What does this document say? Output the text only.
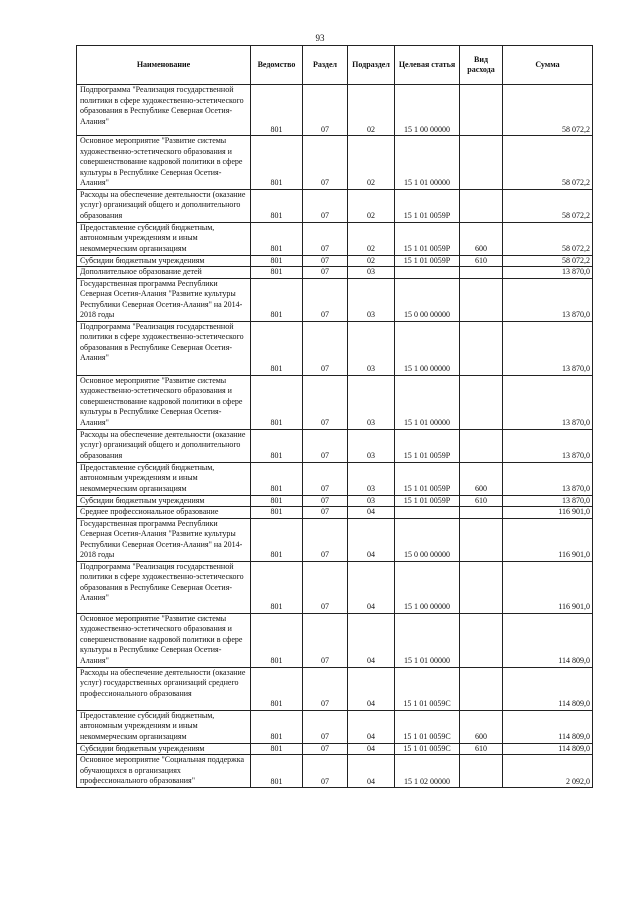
93
Наименование	Ведомство	Раздел	Подраздел	Целевая статья	Вид расхода	Сумма
Подпрограмма "Реализация государственной политики в сфере художественно-эстетического образования в Республике Северная Осетия-Алания"	801	07	02	15 1 00 00000		58 072,2
Основное мероприятие "Развитие системы художественно-эстетического образования и совершенствование кадровой политики в сфере культуры в Республике Северная Осетия-Алания"	801	07	02	15 1 01 00000		58 072,2
Расходы на обеспечение деятельности (оказание услуг) организаций общего и дополнительного образования	801	07	02	15 1 01 0059Р		58 072,2
Предоставление субсидий бюджетным, автономным учреждениям и иным некоммерческим организациям	801	07	02	15 1 01 0059Р	600	58 072,2
Субсидии бюджетным учреждениям	801	07	02	15 1 01 0059Р	610	58 072,2
Дополнительное образование детей	801	07	03			13 870,0
Государственная программа Республики Северная Осетия-Алания "Развитие культуры Республики Северная Осетия-Алания" на 2014-2018 годы	801	07	03	15 0 00 00000		13 870,0
Подпрограмма "Реализация государственной политики в сфере художественно-эстетического образования в Республике Северная Осетия-Алания"	801	07	03	15 1 00 00000		13 870,0
Основное мероприятие "Развитие системы художественно-эстетического образования и совершенствование кадровой политики в сфере культуры в Республике Северная Осетия-Алания"	801	07	03	15 1 01 00000		13 870,0
Расходы на обеспечение деятельности (оказание услуг) организаций общего и дополнительного образования	801	07	03	15 1 01 0059Р		13 870,0
Предоставление субсидий бюджетным, автономным учреждениям и иным некоммерческим организациям	801	07	03	15 1 01 0059Р	600	13 870,0
Субсидии бюджетным учреждениям	801	07	03	15 1 01 0059Р	610	13 870,0
Среднее профессиональное образование	801	07	04			116 901,0
Государственная программа Республики Северная Осетия-Алания "Развитие культуры Республики Северная Осетия-Алания" на 2014-2018 годы	801	07	04	15 0 00 00000		116 901,0
Подпрограмма "Реализация государственной политики в сфере художественно-эстетического образования в Республике Северная Осетия-Алания"	801	07	04	15 1 00 00000		116 901,0
Основное мероприятие "Развитие системы художественно-эстетического образования и совершенствование кадровой политики в сфере культуры в Республике Северная Осетия-Алания"	801	07	04	15 1 01 00000		114 809,0
Расходы на обеспечение деятельности (оказание услуг) государственных организаций среднего профессионального образования	801	07	04	15 1 01 0059С		114 809,0
Предоставление субсидий бюджетным, автономным учреждениям и иным некоммерческим организациям	801	07	04	15 1 01 0059С	600	114 809,0
Субсидии бюджетным учреждениям	801	07	04	15 1 01 0059С	610	114 809,0
Основное мероприятие "Социальная поддержка обучающихся в организациях профессионального образования"	801	07	04	15 1 02 00000		2 092,0
